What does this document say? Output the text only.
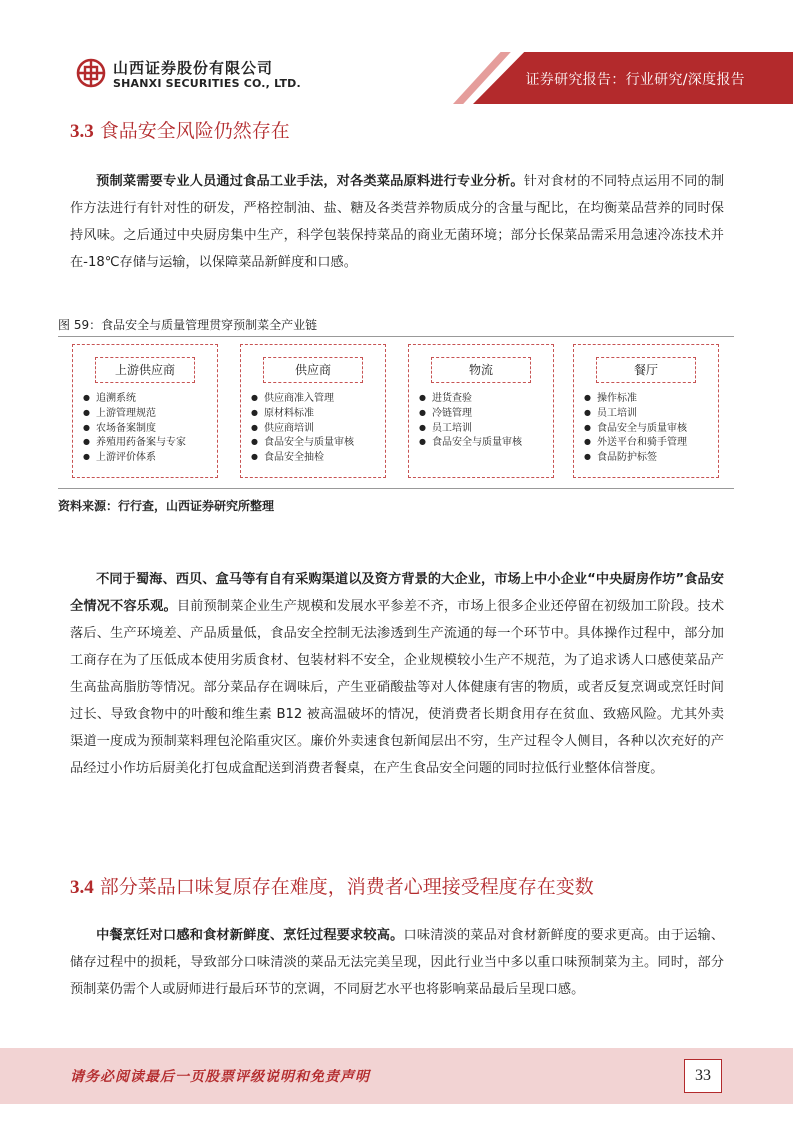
山西证券股份有限公司
SHANXI SECURITIES CO., LTD.	证券研究报告：行业研究/深度报告
3.3 食品安全风险仍然存在

预制菜需要专业人员通过食品工业手法，对各类菜品原料进行专业分析。针对食材的不同特点运用不同的制作方法进行有针对性的研发，严格控制油、盐、糖及各类营养物质成分的含量与配比，在均衡菜品营养的同时保持风味。之后通过中央厨房集中生产，科学包装保持菜品的商业无菌环境；部分长保菜品需采用急速冷冻技术并在-18℃存储与运输，以保障菜品新鲜度和口感。

图 59：食品安全与质量管理贯穿预制菜全产业链
上游供应商
● 追溯系统
● 上游管理规范
● 农场备案制度
● 养殖用药备案与专家
● 上游评价体系
供应商
● 供应商准入管理
● 原材料标准
● 供应商培训
● 食品安全与质量审核
● 食品安全抽检
物流
● 进货查验
● 冷链管理
● 员工培训
● 食品安全与质量审核
餐厅
● 操作标准
● 员工培训
● 食品安全与质量审核
● 外送平台和骑手管理
● 食品防护标签
资料来源：行行查，山西证券研究所整理

不同于蜀海、西贝、盒马等有自有采购渠道以及资方背景的大企业，市场上中小企业“中央厨房作坊”食品安全情况不容乐观。目前预制菜企业生产规模和发展水平参差不齐，市场上很多企业还停留在初级加工阶段。技术落后、生产环境差、产品质量低，食品安全控制无法渗透到生产流通的每一个环节中。具体操作过程中，部分加工商存在为了压低成本使用劣质食材、包装材料不安全，企业规模较小生产不规范，为了追求诱人口感使菜品产生高盐高脂肪等情况。部分菜品存在调味后，产生亚硝酸盐等对人体健康有害的物质，或者反复烹调或烹饪时间过长、导致食物中的叶酸和维生素 B12 被高温破坏的情况，使消费者长期食用存在贫血、致癌风险。尤其外卖渠道一度成为预制菜料理包沦陷重灾区。廉价外卖速食包新闻层出不穷，生产过程令人侧目，各种以次充好的产品经过小作坊后厨美化打包成盒配送到消费者餐桌，在产生食品安全问题的同时拉低行业整体信誉度。

3.4 部分菜品口味复原存在难度，消费者心理接受程度存在变数

中餐烹饪对口感和食材新鲜度、烹饪过程要求较高。口味清淡的菜品对食材新鲜度的要求更高。由于运输、储存过程中的损耗，导致部分口味清淡的菜品无法完美呈现，因此行业当中多以重口味预制菜为主。同时，部分预制菜仍需个人或厨师进行最后环节的烹调，不同厨艺水平也将影响菜品最后呈现口感。

请务必阅读最后一页股票评级说明和免责声明	33
